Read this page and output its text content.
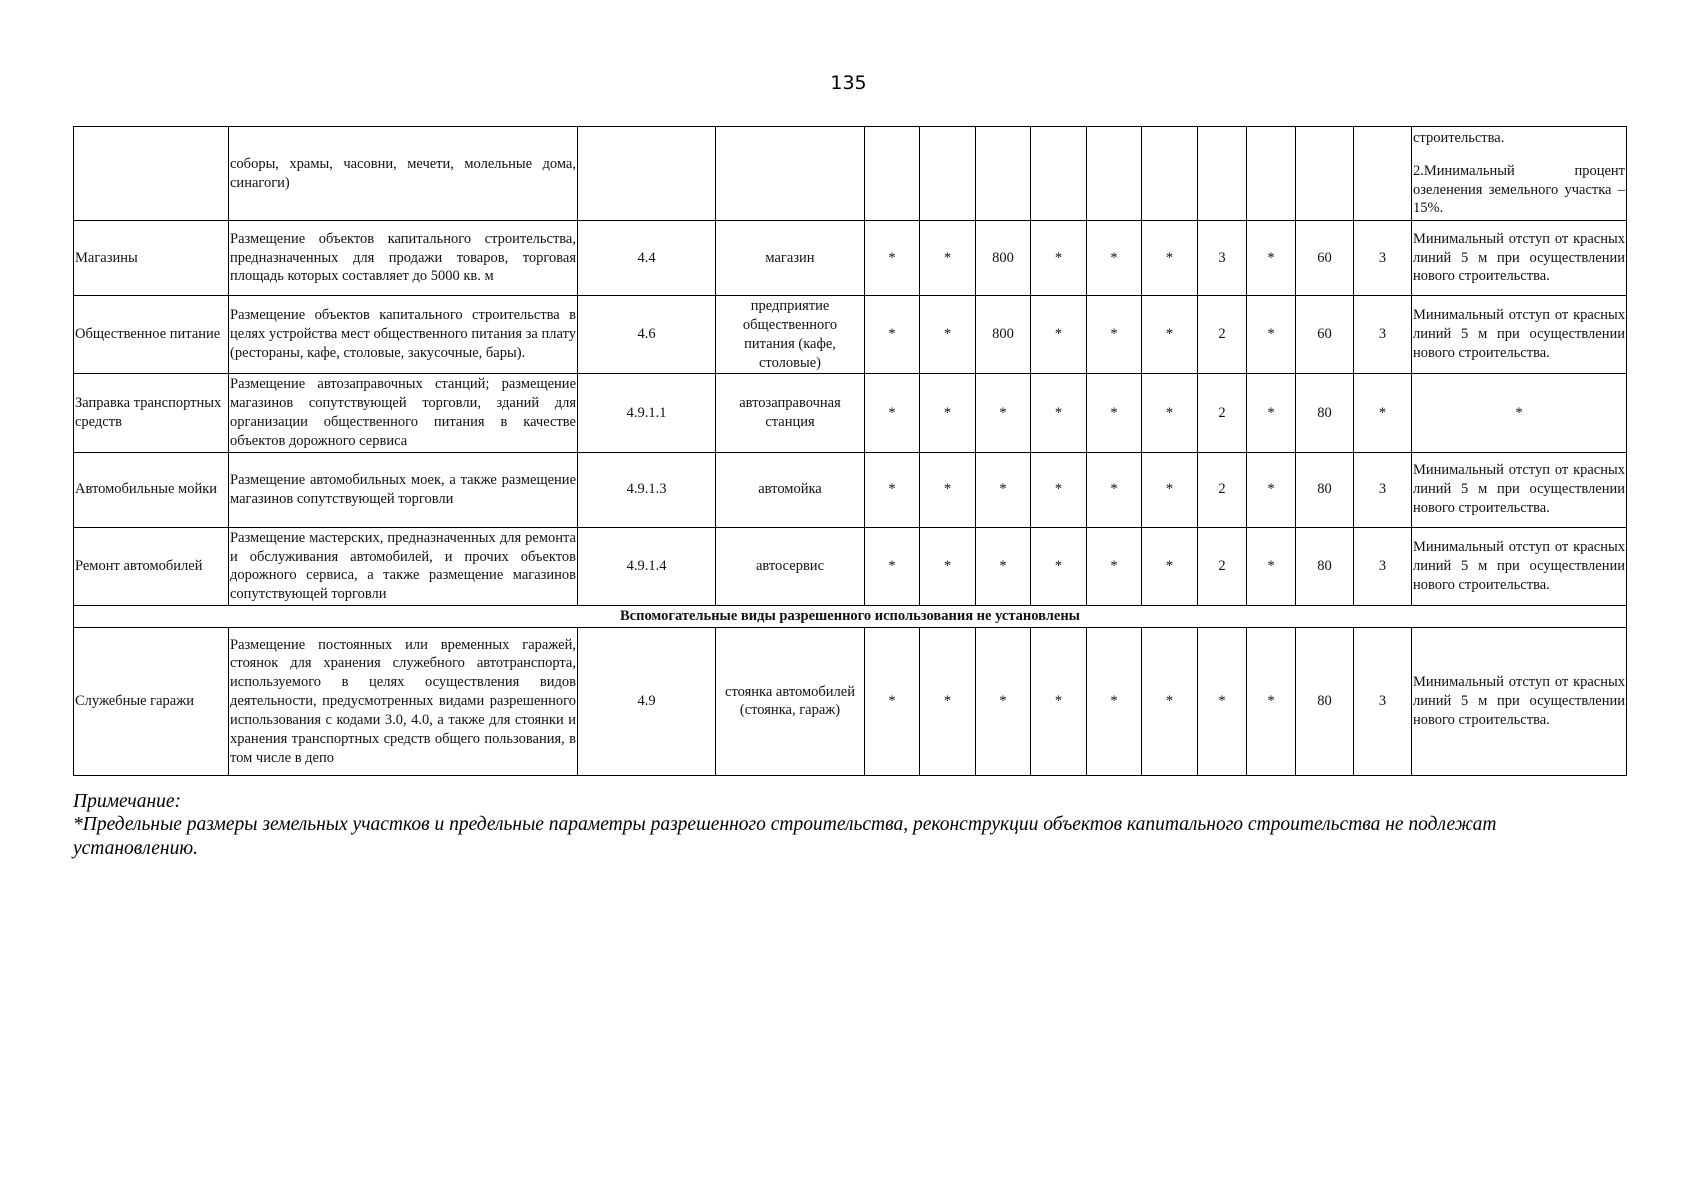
135
	соборы, храмы, часовни, мечети, молельные дома, синагоги)													строительства.
2.Минимальный процент озеленения земельного участка – 15%.

Магазины	Размещение объектов капитального строительства, предназначенных для продажи товаров, торговая площадь которых составляет до 5000 кв. м	4.4	магазин	*	*	800	*	*	*	3	*	60	3	Минимальный отступ от красных линий 5 м при осуществлении нового строительства.
Общественное питание	Размещение объектов капитального строительства в целях устройства мест общественного питания за плату (рестораны, кафе, столовые, закусочные, бары).	4.6	предприятие общественного питания (кафе, столовые)	*	*	800	*	*	*	2	*	60	3	Минимальный отступ от красных линий 5 м при осуществлении нового строительства.
Заправка транспортных средств	Размещение автозаправочных станций; размещение магазинов сопутствующей торговли, зданий для организации общественного питания в качестве объектов дорожного сервиса	4.9.1.1	автозаправочная станция	*	*	*	*	*	*	2	*	80	*	*
Автомобильные мойки	Размещение автомобильных моек, а также размещение магазинов сопутствующей торговли	4.9.1.3	автомойка	*	*	*	*	*	*	2	*	80	3	Минимальный отступ от красных линий 5 м при осуществлении нового строительства.
Ремонт автомобилей	Размещение мастерских, предназначенных для ремонта и обслуживания автомобилей, и прочих объектов дорожного сервиса, а также размещение магазинов сопутствующей торговли	4.9.1.4	автосервис	*	*	*	*	*	*	2	*	80	3	Минимальный отступ от красных линий 5 м при осуществлении нового строительства.
Вспомогательные виды разрешенного использования не установлены														
Служебные гаражи	Размещение постоянных или временных гаражей, стоянок для хранения служебного автотранспорта, используемого в целях осуществления видов деятельности, предусмотренных видами разрешенного использования с кодами 3.0, 4.0, а также для стоянки и хранения транспортных средств общего пользования, в том числе в депо	4.9	стоянка автомобилей (стоянка, гараж)	*	*	*	*	*	*	*	*	80	3	Минимальный отступ от красных линий 5 м при осуществлении нового строительства.
Примечание:
*Предельные размеры земельных участков и предельные параметры разрешенного строительства, реконструкции объектов капитального строительства не подлежат установлению.
